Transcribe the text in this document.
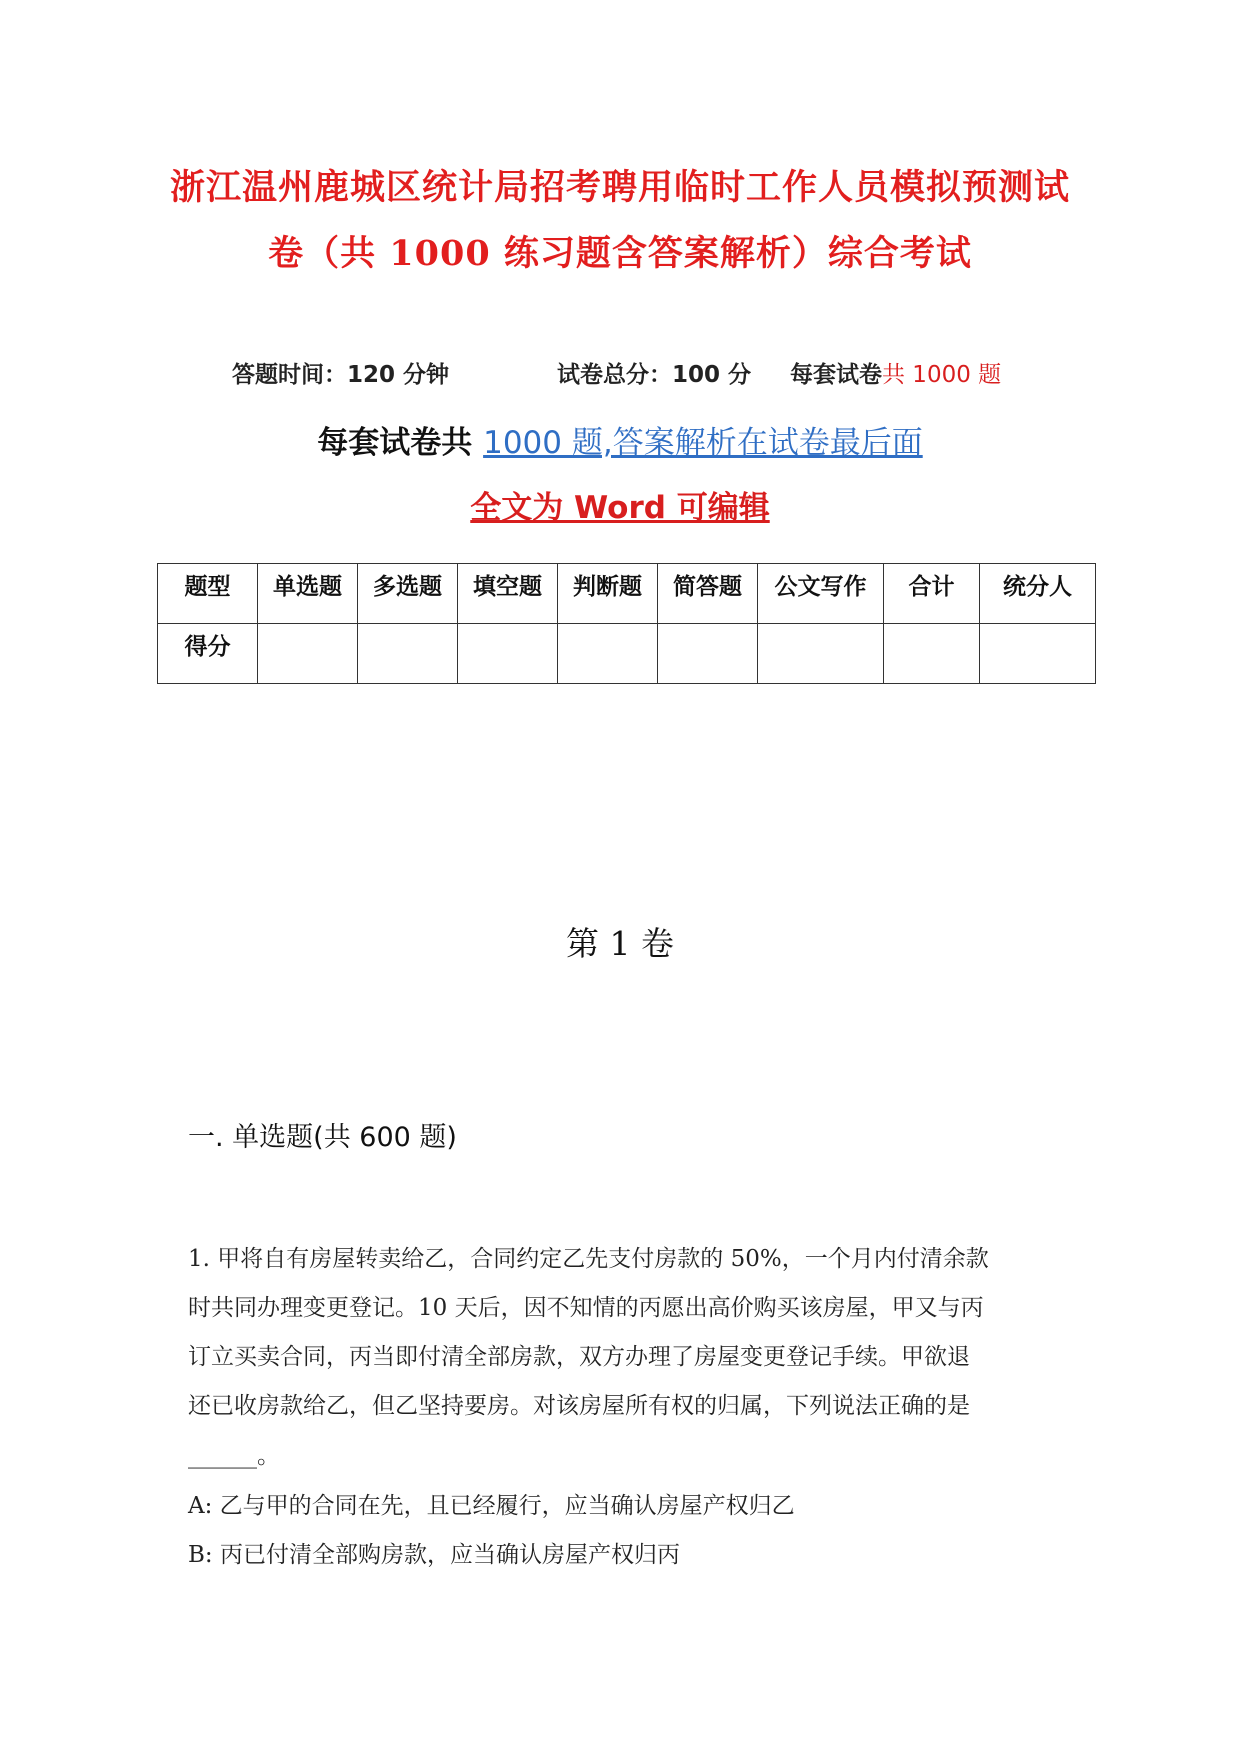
浙江温州鹿城区统计局招考聘用临时工作人员模拟预测试
卷（共 1000 练习题含答案解析）综合考试
答题时间：120 分钟	试卷总分：100 分 每套试卷共 1000 题
每套试卷共 1000 题,答案解析在试卷最后面
全文为 Word 可编辑
题型	单选题	多选题	填空题	判断题	简答题	公文写作	合计	统分人
得分								
第 1 卷
一. 单选题(共 600 题)
1. 甲将自有房屋转卖给乙，合同约定乙先支付房款的 50%，一个月内付清余款
时共同办理变更登记。10 天后，因不知情的丙愿出高价购买该房屋，甲又与丙
订立买卖合同，丙当即付清全部房款，双方办理了房屋变更登记手续。甲欲退
还已收房款给乙，但乙坚持要房。对该房屋所有权的归属，下列说法正确的是
______。
A: 乙与甲的合同在先，且已经履行，应当确认房屋产权归乙
B: 丙已付清全部购房款，应当确认房屋产权归丙
